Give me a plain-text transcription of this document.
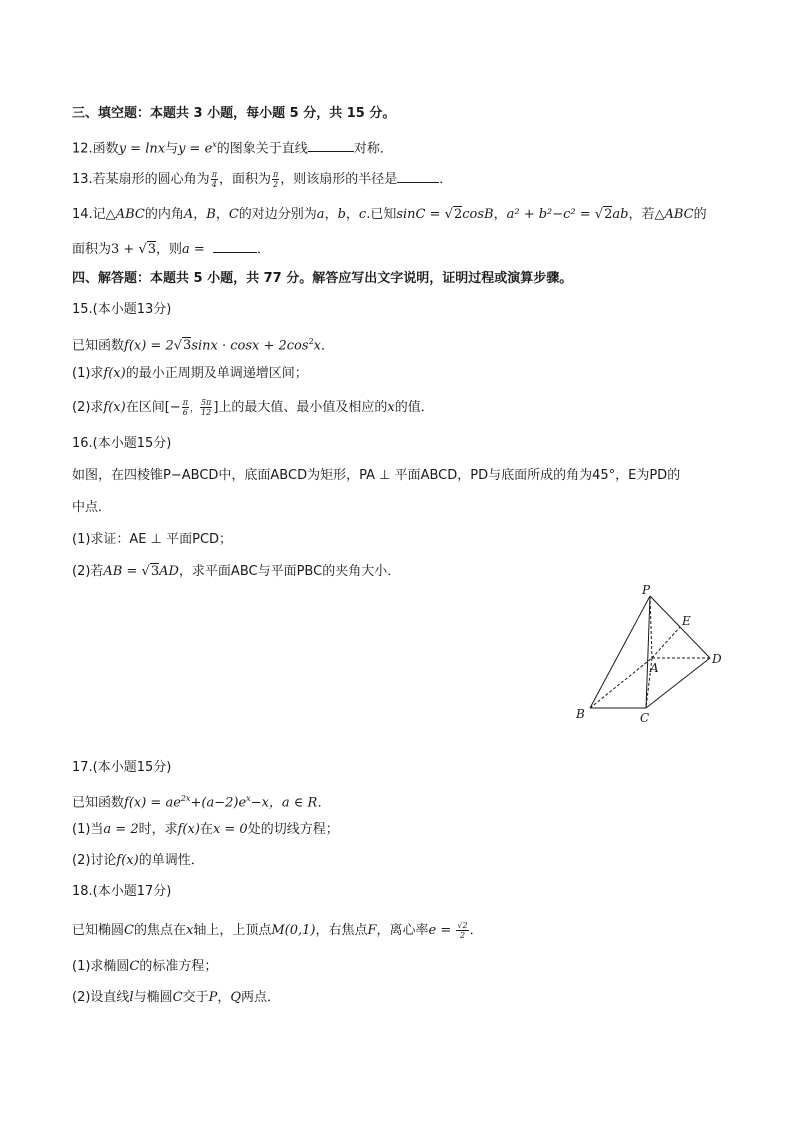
三、填空题：本题共 3 小题，每小题 5 分，共 15 分。
12.函数y = lnx与$y = e^x$的图象关于直线	对称．
13.若某扇形的圆心角为 $\frac{\pi}{4}$ ，面积为 $\frac{\pi}{2}$ ，则该扇形的半径是	．
14.记△ABC的内角A，B，C的对边分别为a，b，c.已知sinC = √2cosB，a² + b²−c² = √2ab，若△ABC的
面积为3 + √3，则a =	．
四、解答题：本题共 5 小题，共 77 分。解答应写出文字说明，证明过程或演算步骤。
15.(本小题13分)
已知函数$f(x) = 2√3\sin x \cdot \cos x + 2\cos^2x$．
(1)求f(x)的最小正周期及单调递增区间；
(2)求f(x)在区间[− $\frac{\pi}{6}$ ， $\frac{5\pi}{12}$ ]上的最大值、最小值及相应的x的值．
16.(本小题15分)
如图，在四棱锥P−ABCD中，底面ABCD为矩形，PA ⊥ 平面ABCD，PD与底面所成的角为45°，E为PD的
中点．
(1)求证：AE ⊥ 平面PCD；
(2)若AB = √3AD，求平面ABC与平面PBC的夹角大小．
P
E
A
D
B	C
17.(本小题15分)
已知函数$f(x) = ae^{2x}+(a-2)e^x-x$，a ∈ R．
(1)当a = 2时，求f(x)在x = 0处的切线方程；
(2)讨论f(x)的单调性．
18.(本小题17分)
已知椭圆C的焦点在x轴上，上顶点M(0,1)，右焦点F，离心率$e = \frac{√2}{2}$ ．
(1)求椭圆C的标准方程；
(2)设直线l与椭圆C交于P，Q两点．
